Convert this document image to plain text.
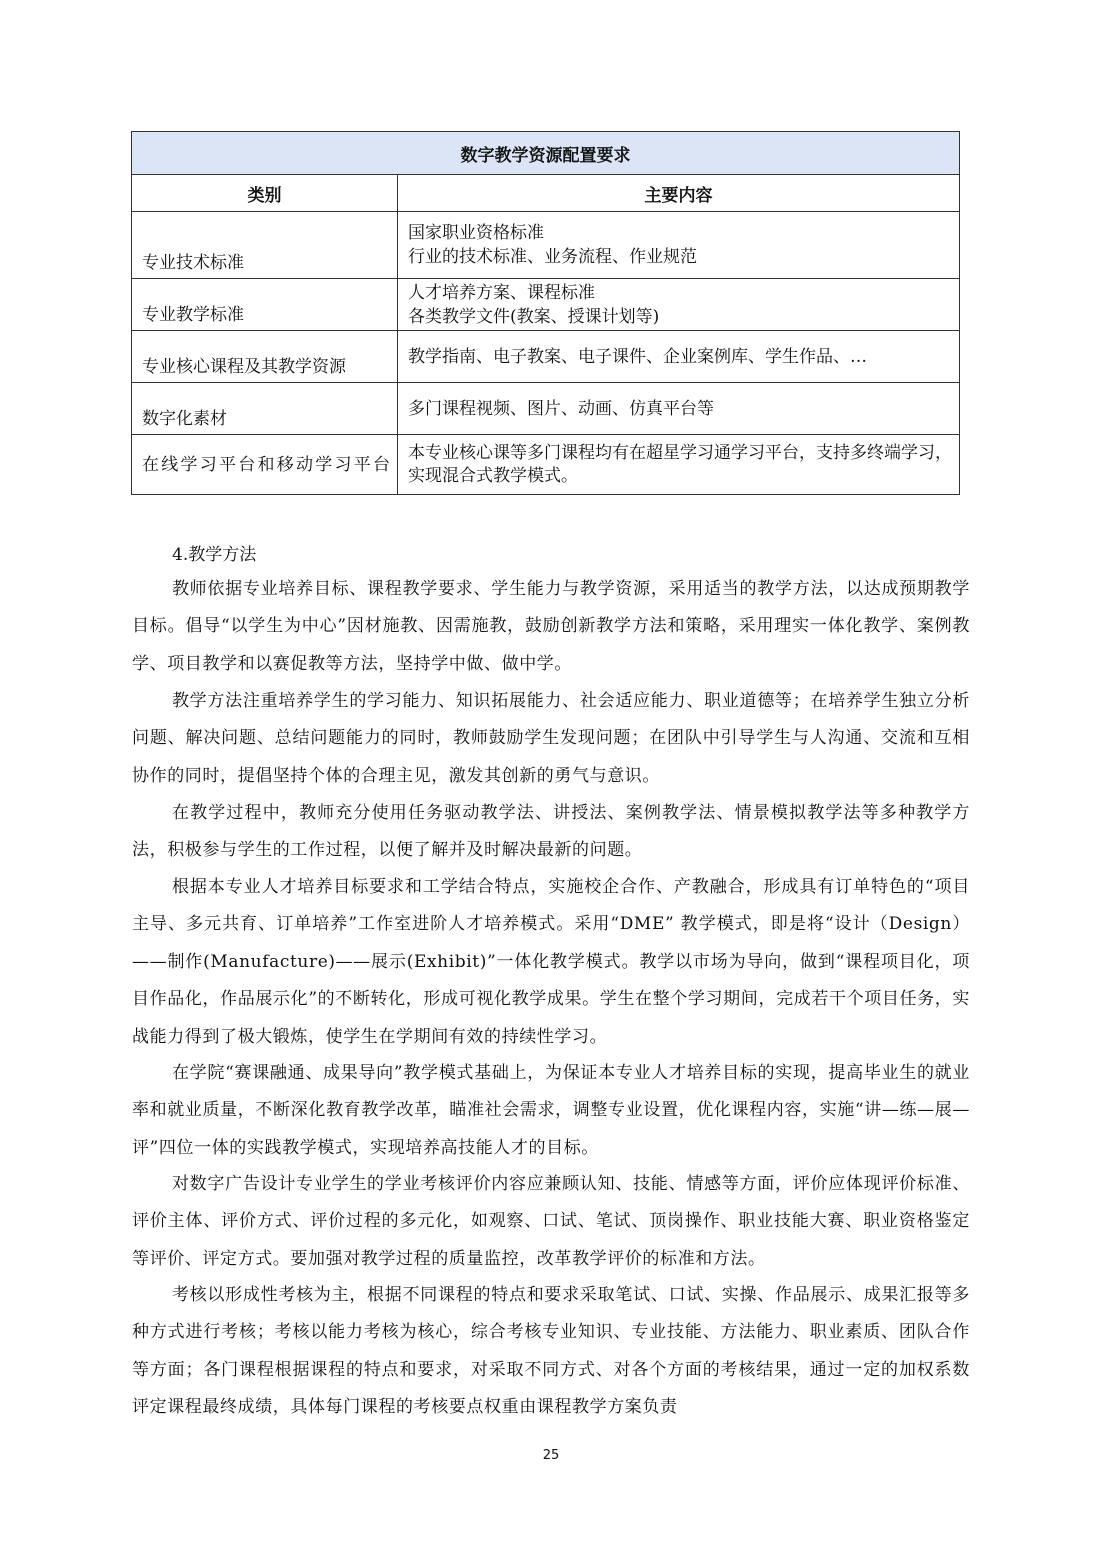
数字教学资源配置要求	
类别	主要内容
专业技术标准	国家职业资格标准
行业的技术标准、业务流程、作业规范

专业教学标准	人才培养方案、课程标准
各类教学文件(教案、授课计划等)

专业核心课程及其教学资源	教学指南、电子教案、电子课件、企业案例库、学生作品、…

数字化素材	多门课程视频、图片、动画、仿真平台等

在线学习平台和移动学习平台	本专业核心课等多门课程均有在超星学习通学习平台，支持多终端学习，实现混合式教学模式。
4.教学方法

教师依据专业培养目标、课程教学要求、学生能力与教学资源，采用适当的教学方法，以达成预期教学目标。倡导“以学生为中心”因材施教、因需施教，鼓励创新教学方法和策略，采用理实一体化教学、案例教学、项目教学和以赛促教等方法，坚持学中做、做中学。

教学方法注重培养学生的学习能力、知识拓展能力、社会适应能力、职业道德等；在培养学生独立分析问题、解决问题、总结问题能力的同时，教师鼓励学生发现问题；在团队中引导学生与人沟通、交流和互相协作的同时，提倡坚持个体的合理主见，激发其创新的勇气与意识。

在教学过程中，教师充分使用任务驱动教学法、讲授法、案例教学法、情景模拟教学法等多种教学方法，积极参与学生的工作过程，以便了解并及时解决最新的问题。

根据本专业人才培养目标要求和工学结合特点，实施校企合作、产教融合，形成具有订单特色的“项目主导、多元共育、订单培养”工作室进阶人才培养模式。采用“DME” 教学模式，即是将“设计（Design）——制作(Manufacture)——展示(Exhibit)”一体化教学模式。教学以市场为导向，做到“课程项目化，项目作品化，作品展示化”的不断转化，形成可视化教学成果。学生在整个学习期间，完成若干个项目任务，实战能力得到了极大锻炼，使学生在学期间有效的持续性学习。

在学院“赛课融通、成果导向”教学模式基础上，为保证本专业人才培养目标的实现，提高毕业生的就业率和就业质量，不断深化教育教学改革，瞄准社会需求，调整专业设置，优化课程内容，实施“讲—练—展—评”四位一体的实践教学模式，实现培养高技能人才的目标。

对数字广告设计专业学生的学业考核评价内容应兼顾认知、技能、情感等方面，评价应体现评价标准、评价主体、评价方式、评价过程的多元化，如观察、口试、笔试、顶岗操作、职业技能大赛、职业资格鉴定等评价、评定方式。要加强对教学过程的质量监控，改革教学评价的标准和方法。

考核以形成性考核为主，根据不同课程的特点和要求采取笔试、口试、实操、作品展示、成果汇报等多种方式进行考核；考核以能力考核为核心，综合考核专业知识、专业技能、方法能力、职业素质、团队合作等方面；各门课程根据课程的特点和要求，对采取不同方式、对各个方面的考核结果，通过一定的加权系数评定课程最终成绩，具体每门课程的考核要点权重由课程教学方案负责

25
